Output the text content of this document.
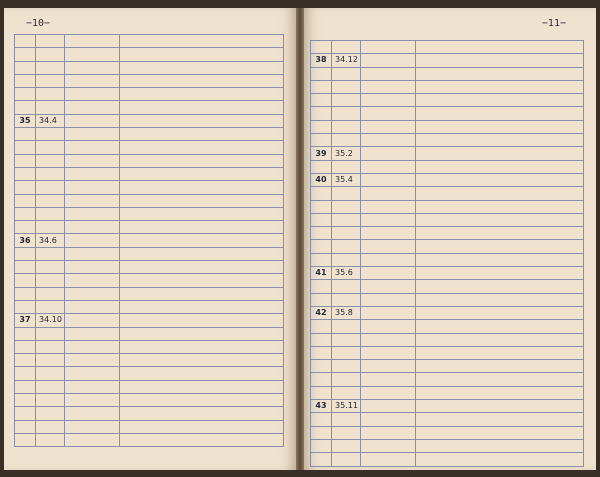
−10−

35	34.4		

36	34.6		

37	34.10		

−11−

38	34.12		

39	35.2		

40	35.4		

41	35.6		

42	35.8		

43	35.11		
